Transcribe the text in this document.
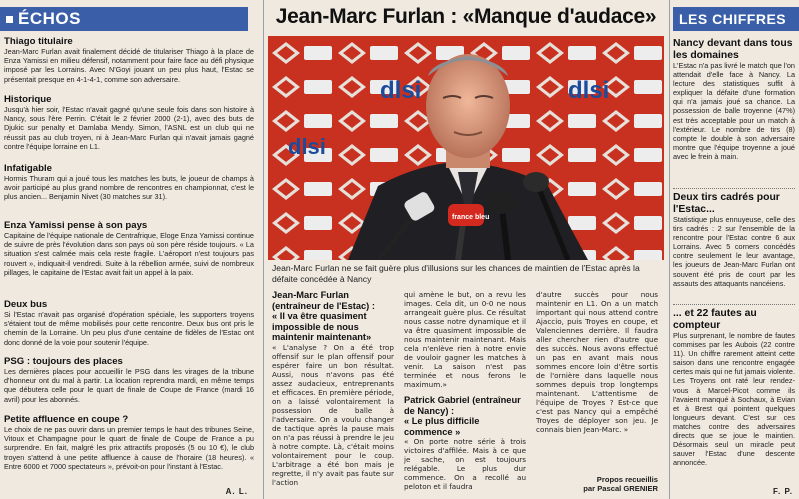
ÉCHOS
Thiago titulaire

Jean-Marc Furlan avait finalement décidé de titulariser Thiago à la place de Enza Yamissi en milieu défensif, notamment pour faire face au défi physique imposé par les Lorrains. Avec N'Goyi jouant un peu plus haut, l'Estac se présentait presque en 4-1-4-1, comme son adversaire.

Historique

Jusqu'à hier soir, l'Estac n'avait gagné qu'une seule fois dans son histoire à Nancy, sous l'ère Perrin. C'était le 2 février 2000 (2-1), avec des buts de Djukic sur penalty et Damlaba Mendy. Simon, l'ASNL est un club qui ne réussit pas au club troyen, ni à Jean-Marc Furlan qui n'avait jamais gagné contre l'équipe lorraine en L1.

Infatigable

Hormis Thuram qui a joué tous les matches les buts, le joueur de champs à avoir participé au plus grand nombre de rencontres en championnat, c'est le plus ancien... Benjamin Nivet (30 matches sur 31).

Enza Yamissi pense à son pays

Capitaine de l'équipe nationale de Centrafrique, Eloge Enza Yamissi continue de suivre de près l'évolution dans son pays où son père réside toujours. « La situation s'est calmée mais cela reste fragile. L'aéroport n'est toujours pas rouvert », indiquait-il vendredi. Suite à la rébellion armée, suivi de nombreux pillages, le capitaine de l'Estac avait fait un appel à la paix.

Deux bus

Si l'Estac n'avait pas organisé d'opération spéciale, les supporters troyens s'étaient tout de même mobilisés pour cette rencontre. Deux bus ont pris le chemin de la Lorraine. Un peu plus d'une centaine de fidèles de l'Estac ont donc donné de la voie pour soutenir l'équipe.

PSG : toujours des places

Les dernières places pour accueillir le PSG dans les virages de la tribune d'honneur ont du mal à partir. La location reprendra mardi, en même temps que débutera celle pour le quart de finale de Coupe de France (mardi 16 avril) pour les abonnés.

Petite affluence en coupe ?

Le choix de ne pas ouvrir dans un premier temps le haut des tribunes Seine, Vitoux et Champagne pour le quart de finale de Coupe de France a pu surprendre. En fait, malgré les prix attractifs proposés (5 ou 10 €), le club troyen s'attend à une petite affluence à cause de l'horaire (18 heures). « Entre 6000 et 7000 spectateurs », prévoit-on pour l'instant à l'Estac.

A. L.
Jean-Marc Furlan : «Manque d'audace»
dlsi	dlsi
dlsi
france bleu
Jean-Marc Furlan ne se fait guère plus d'illusions sur les chances de maintien de l'Estac après la défaite concédée à Nancy
Jean-Marc Furlan (entraîneur de l'Estac) :
« Il va être quasiment impossible de nous maintenir maintenant»

« L'analyse ? On a été trop offensif sur le plan offensif pour espérer faire un bon résultat. Aussi, nous n'avons pas été assez audacieux, entreprenants et efficaces. En première période, on a laissé volontairement la possession de balle à l'adversaire. On a voulu changer de tactique après la pause mais on n'a pas réussi à prendre le jeu à notre compte. Là, c'était moins volontairement pour le coup. L'arbitrage a été bon mais je regrette, il n'y avait pas faute sur l'action

qui amène le but, on a revu les images. Cela dit, un 0-0 ne nous arrangeait guère plus. Ce résultat nous casse notre dynamique et il va être quasiment impossible de nous maintenir maintenant. Mais cela n'enlève rien à notre envie de vouloir gagner les matches à venir. La saison n'est pas terminée et nous ferons le maximum.»

Patrick Gabriel (entraîneur de Nancy) :
« Le plus difficile commence »

« On porte notre série à trois victoires d'affilée. Mais à ce que je sache, on est toujours relégable. Le plus dur commence. On a recollé au peloton et il faudra

d'autre succès pour nous maintenir en L1. On a un match important qui nous attend contre Ajaccio, puis Troyes en coupe, et Valenciennes derrière. Il faudra aller chercher rien d'autre que des succès. Nous avons effectué un pas en avant mais nous sommes encore loin d'être sortis de l'ornière dans laquelle nous sommes depuis trop longtemps maintenant. L'attentisme de l'équipe de Troyes ? Est-ce que c'est pas Nancy qui a empêché Troyes de déployer son jeu. Je connais bien Jean-Marc. »

Propos recueillis
par Pascal GRENIER
LES CHIFFRES
Nancy devant dans tous les domaines

L'Estac n'a pas livré le match que l'on attendait d'elle face à Nancy. La lecture des statistiques suffit à expliquer la défaite d'une formation qui n'a jamais joué sa chance. La possession de balle troyenne (47%) est très acceptable pour un match à l'extérieur. Le nombre de tirs (8) compte le double à son adversaire montre que l'équipe troyenne a joué avec le frein à main.

Deux tirs cadrés pour l'Estac...

Statistique plus ennuyeuse, celle des tirs cadrés : 2 sur l'ensemble de la rencontre pour l'Estac contre 6 aux Lorrains. Avec 5 corners concédés contre seulement le leur avantage, les joueurs de Jean-Marc Furlan ont souvent été pris de court par les assauts des attaquants nancéiens.

... et 22 fautes au compteur

Plus surprenant, le nombre de fautes commises par les Aubois (22 contre 11). Un chiffre rarement atteint cette saison dans une rencontre engagée certes mais qui ne fut jamais violente. Les Troyens ont raté leur rendez-vous à Marcel-Picot comme ils l'avaient manqué à Sochaux, à Evian et à Brest qui pointent quelques longueurs devant. C'est sur ces matches contre des adversaires directs que se joue le maintien. Désormais seul un miracle peut sauver l'Estac d'une descente annoncée.

F. P.
